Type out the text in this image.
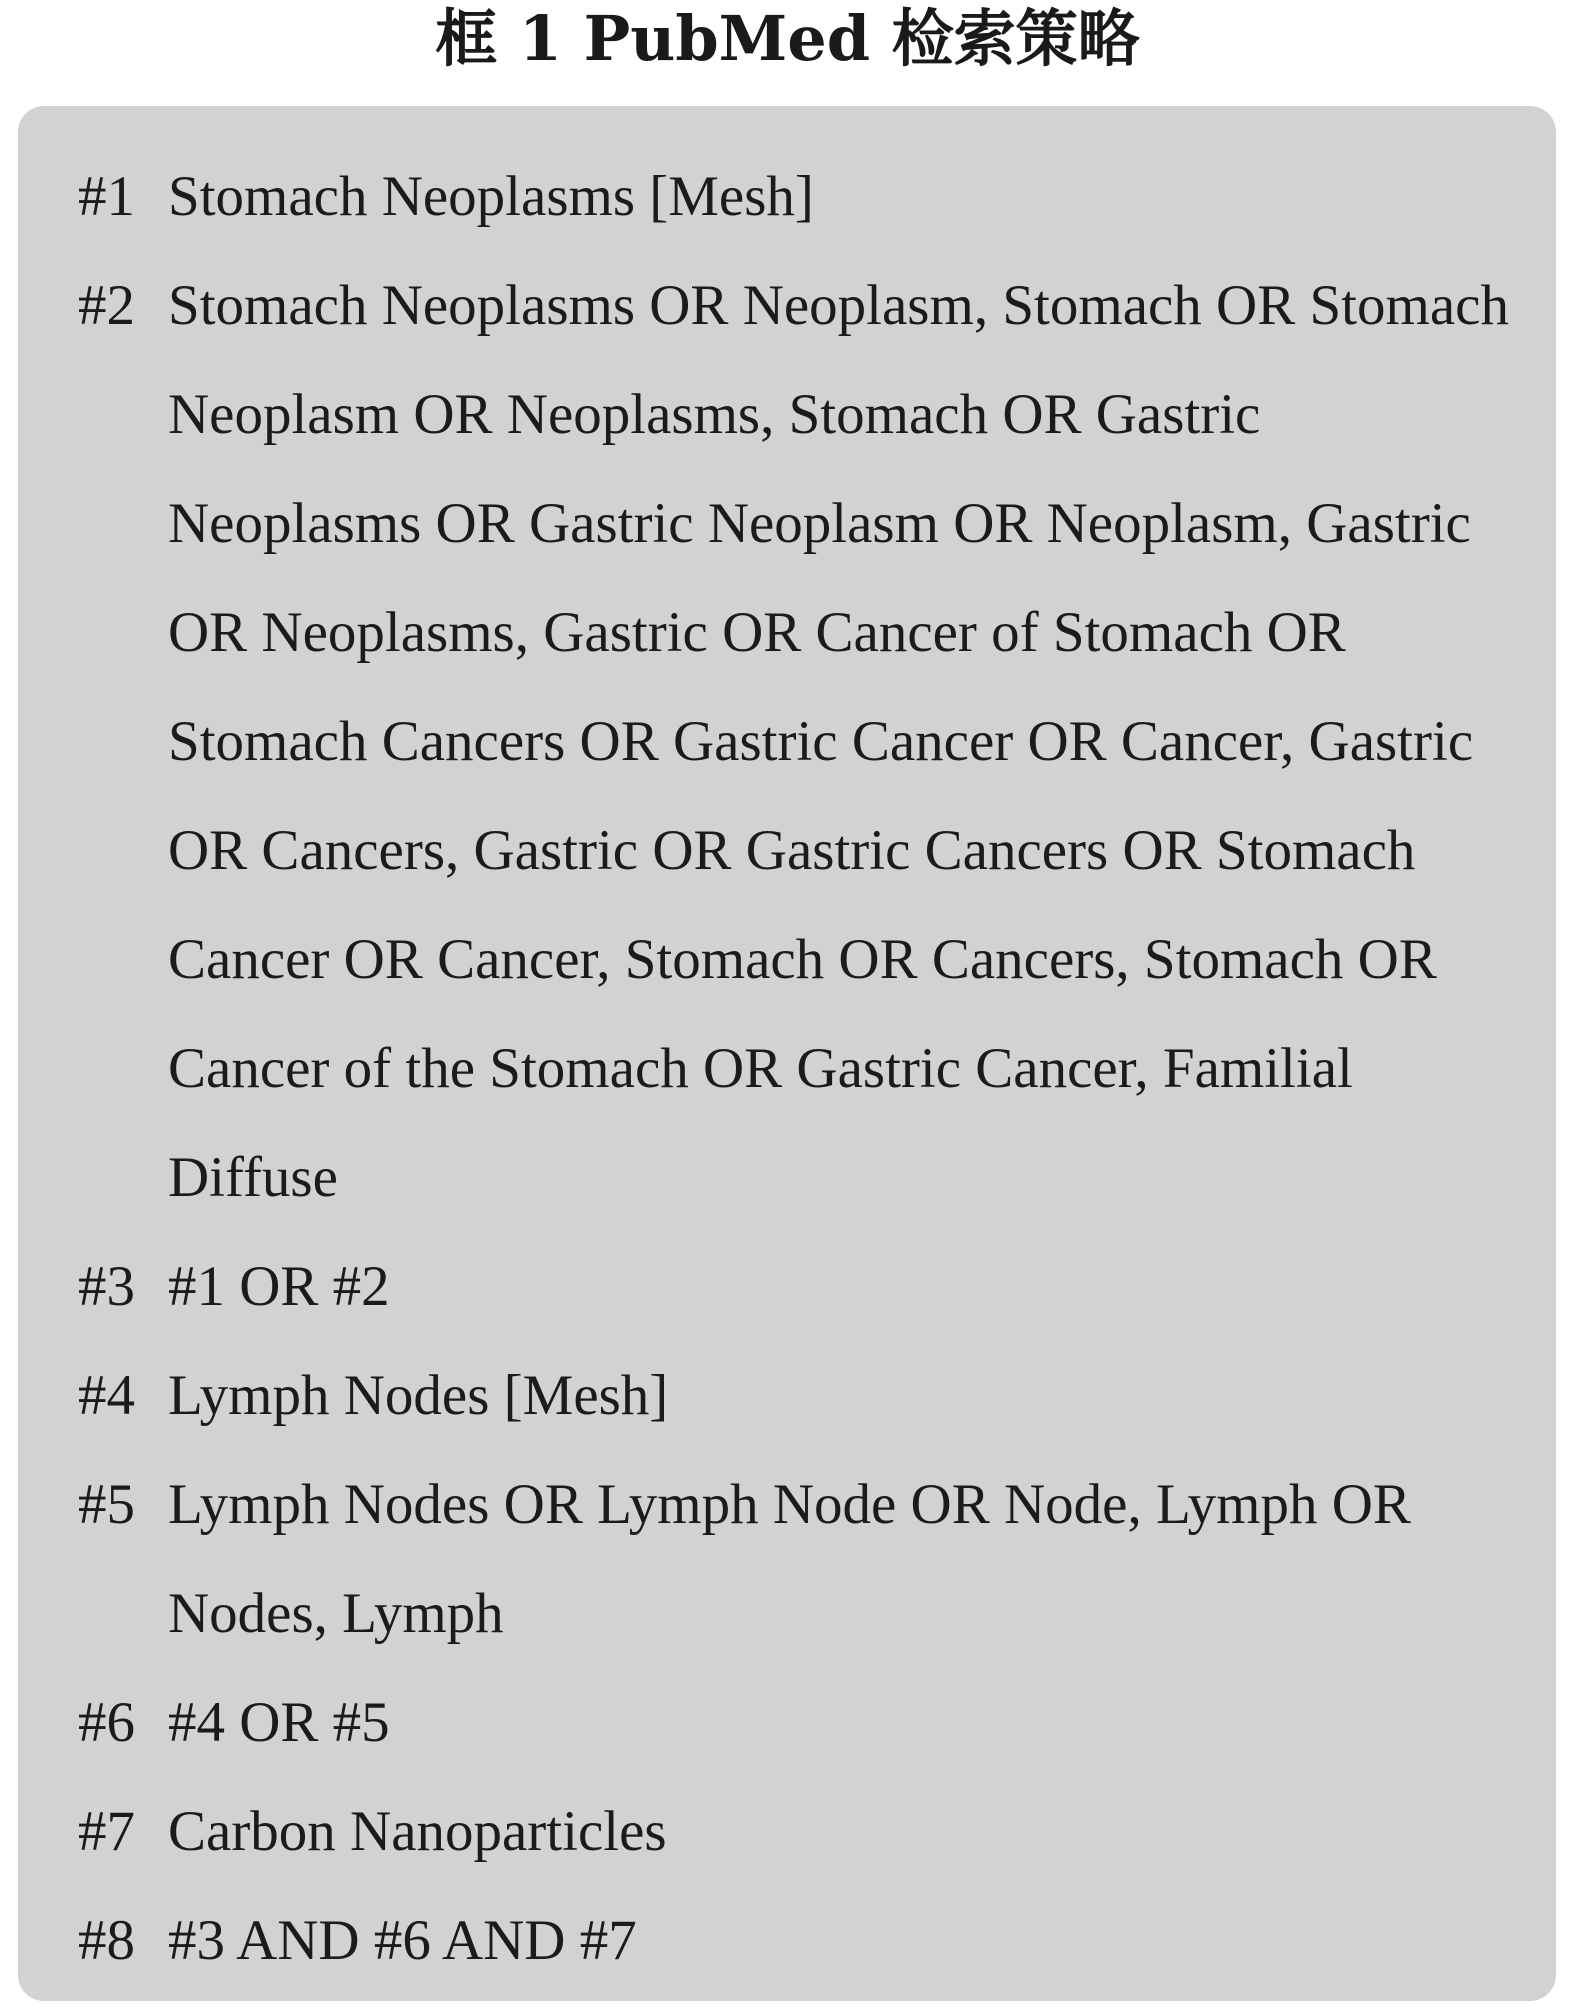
框 1 PubMed 检索策略
#1 Stomach Neoplasms [Mesh]
#2 Stomach Neoplasms OR Neoplasm, Stomach OR Stomach Neoplasm OR Neoplasms, Stomach OR Gastric Neoplasms OR Gastric Neoplasm OR Neoplasm, Gastric OR Neoplasms, Gastric OR Cancer of Stomach OR Stomach Cancers OR Gastric Cancer OR Cancer, Gastric OR Cancers, Gastric OR Gastric Cancers OR Stomach Cancer OR Cancer, Stomach OR Cancers, Stomach OR Cancer of the Stomach OR Gastric Cancer, Familial Diffuse
#3 #1 OR #2
#4 Lymph Nodes [Mesh]
#5 Lymph Nodes OR Lymph Node OR Node, Lymph OR Nodes, Lymph
#6 #4 OR #5
#7 Carbon Nanoparticles
#8 #3 AND #6 AND #7
